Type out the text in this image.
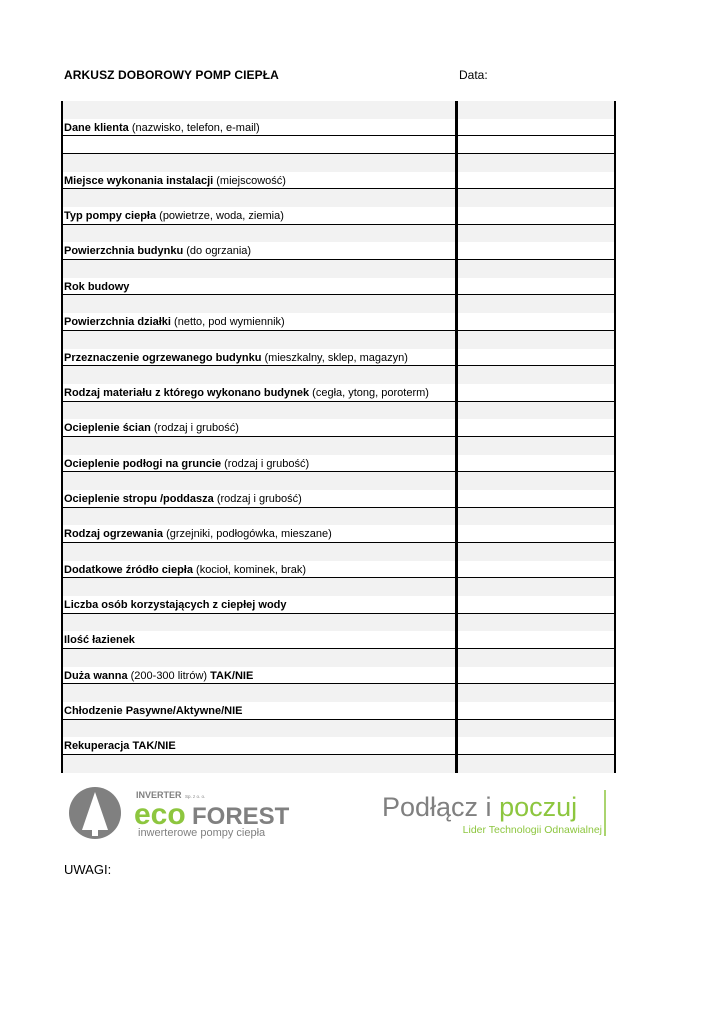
ARKUSZ DOBOROWY POMP CIEPŁA	Data:
Rekuperacja TAK/NIE
Chłodzenie Pasywne/Aktywne/NIE
Duża wanna (200-300 litrów) TAK/NIE
Ilość łazienek
Liczba osób korzystających z ciepłej wody
Dodatkowe źródło ciepła (kocioł, kominek, brak)
Rodzaj ogrzewania (grzejniki, podłogówka, mieszane)
Ocieplenie stropu /poddasza (rodzaj i grubość)
Ocieplenie podłogi na gruncie (rodzaj i grubość)
Ocieplenie ścian (rodzaj i grubość)
Rodzaj materiału z którego wykonano budynek (cegła, ytong, poroterm)
Przeznaczenie ogrzewanego budynku (mieszkalny, sklep, magazyn)
Powierzchnia działki (netto, pod wymiennik)
Rok budowy
Powierzchnia budynku (do ogrzania)
Typ pompy ciepła (powietrze, woda, ziemia)
Miejsce wykonania instalacji (miejscowość)
Dane klienta (nazwisko, telefon, e-mail)
INVERTER Sp. z o. o.
eco FOREST
inwerterowe pompy ciepła
Podłącz i poczuj
Lider Technologii Odnawialnej
UWAGI:
